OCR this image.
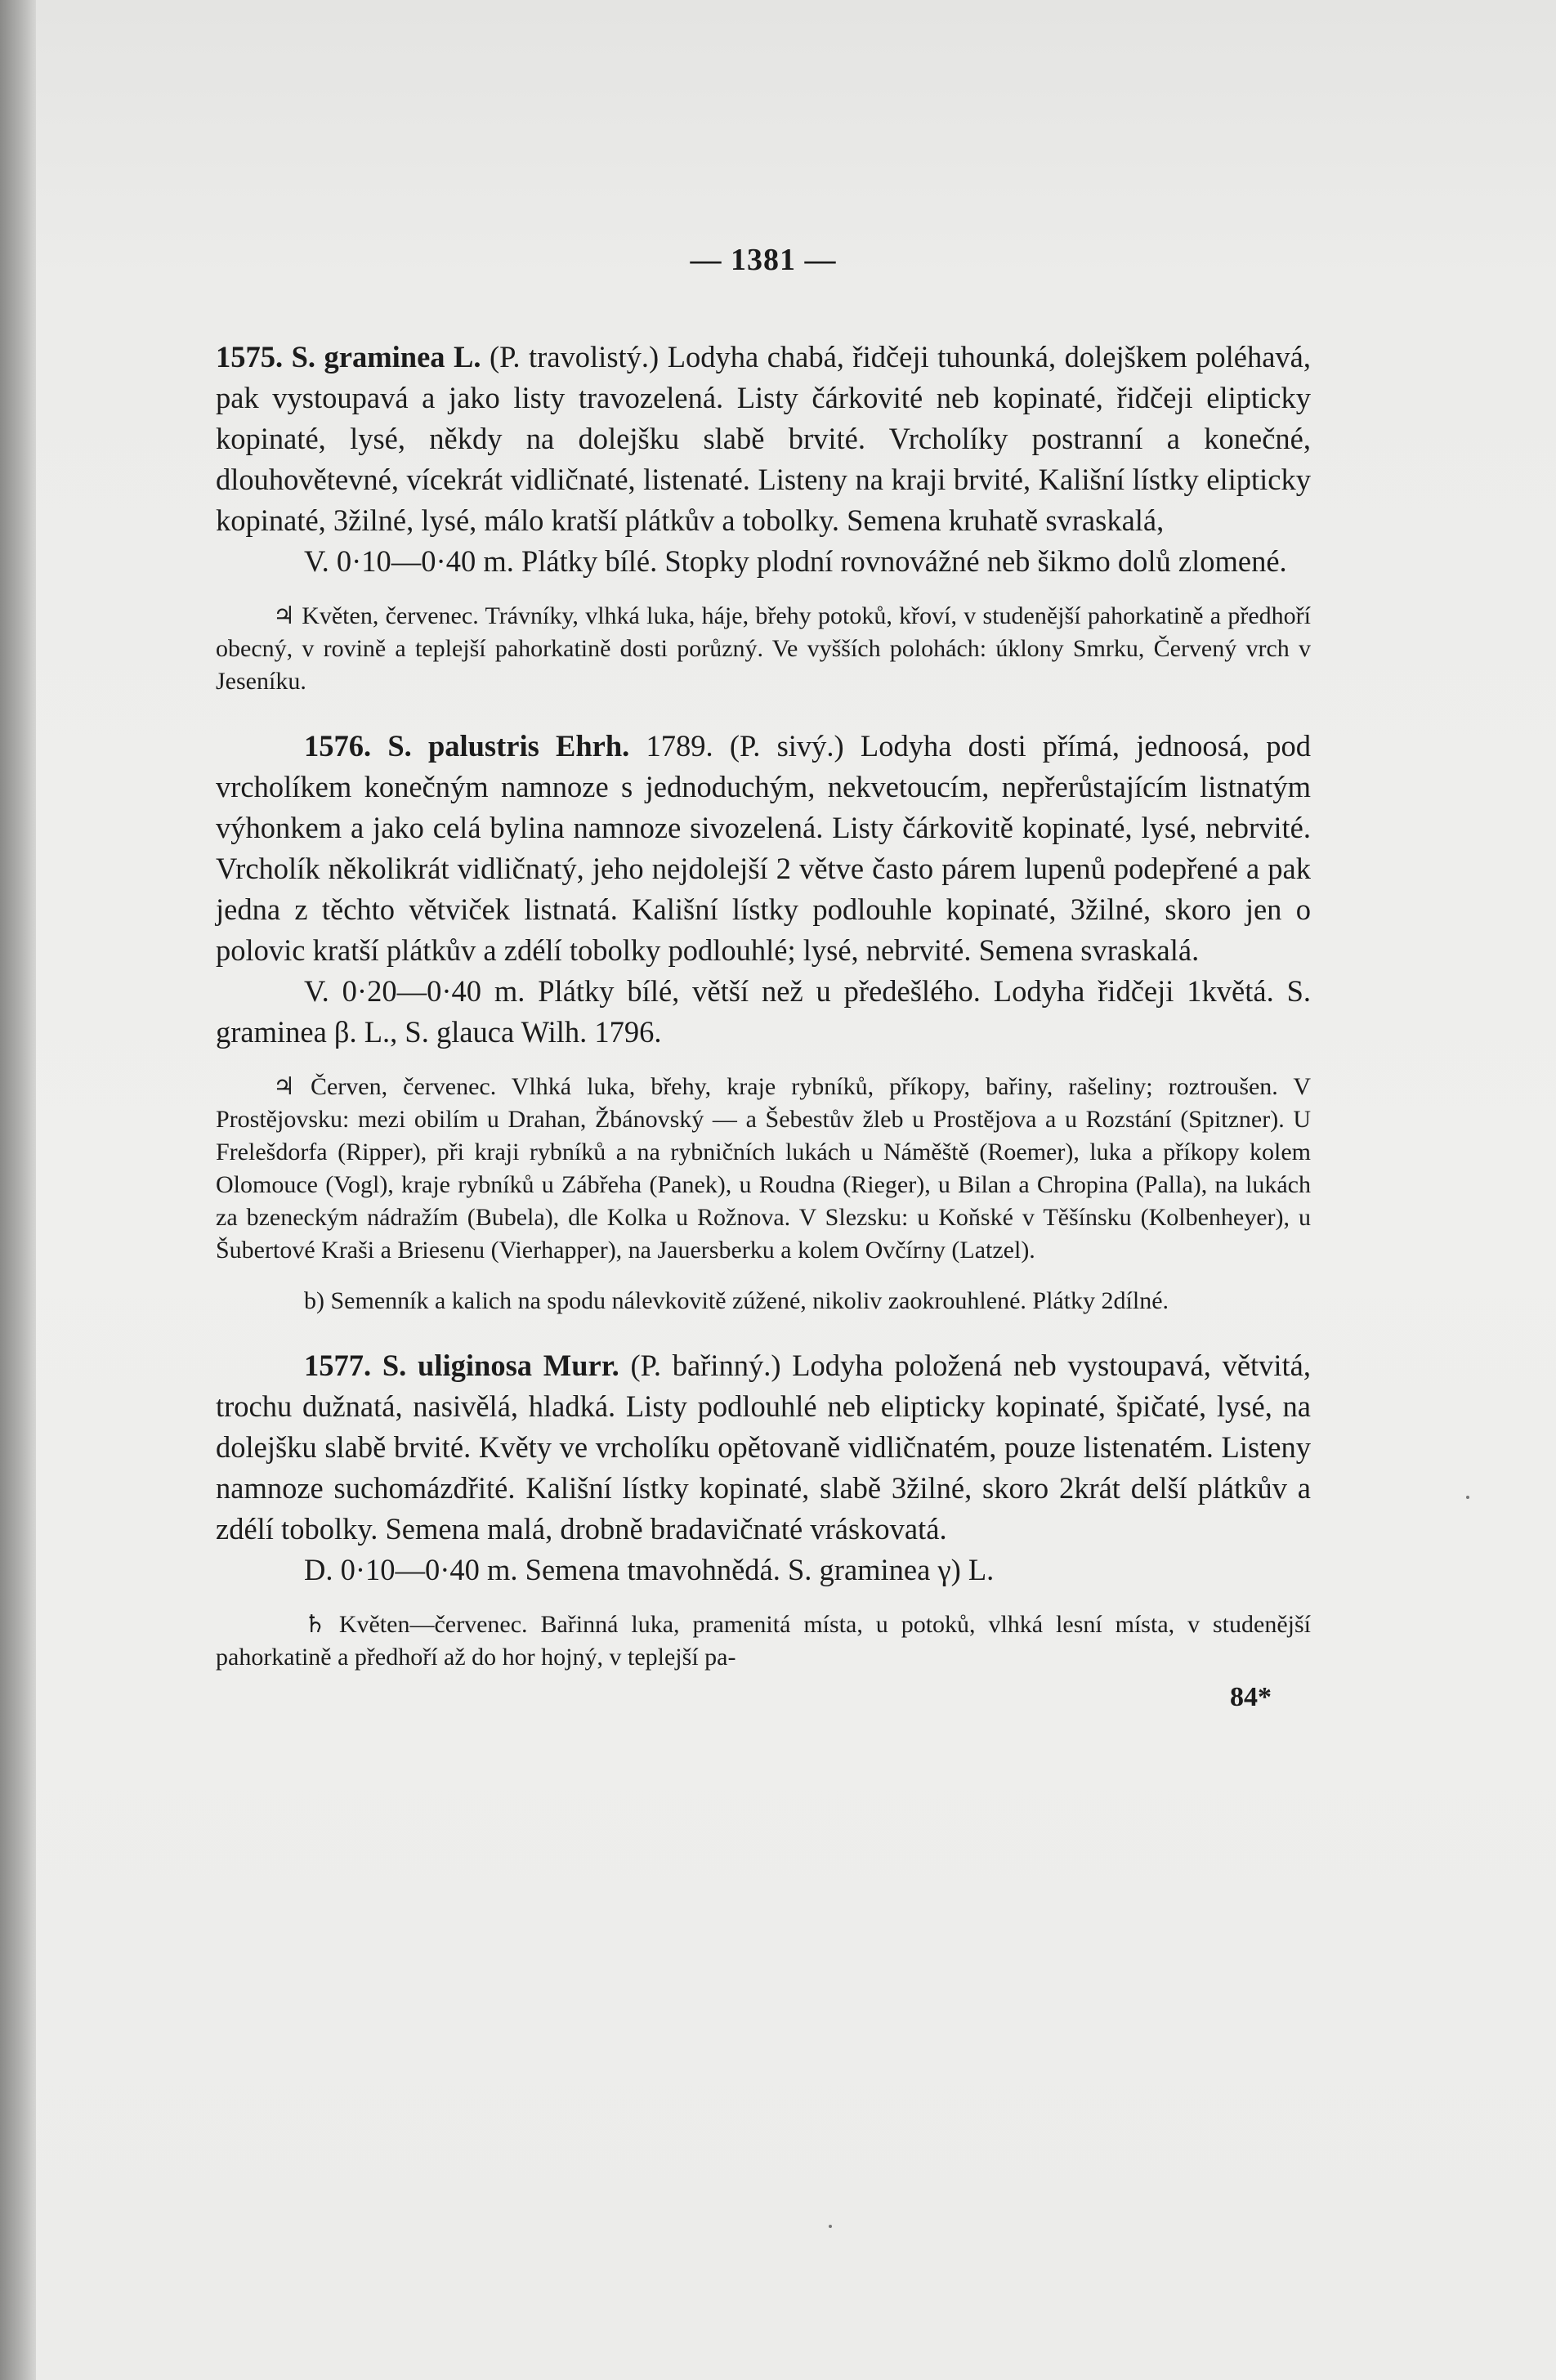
— 1381 —

1575. S. graminea L. (P. travolistý.) Lodyha chabá, řidčeji tuhounká, dolejškem poléhavá, pak vystoupavá a jako listy travozelená. Listy čárkovité neb kopinaté, řidčeji elipticky kopinaté, lysé, někdy na dolejšku slabě brvité. Vrcholíky postranní a konečné, dlouhovětevné, vícekrát vidličnaté, listenaté. Listeny na kraji brvité, Kališní lístky elipticky kopinaté, 3žilné, lysé, málo kratší plátkův a tobolky. Semena kruhatě svraskalá,

V. 0·10—0·40 m. Plátky bílé. Stopky plodní rovnovážné neb šikmo dolů zlomené.

♃ Květen, červenec. Trávníky, vlhká luka, háje, břehy potoků, křoví, v studenější pahorkatině a předhoří obecný, v rovině a teplejší pahorkatině dosti porůzný. Ve vyšších polohách: úklony Smrku, Červený vrch v Jeseníku.

1576. S. palustris Ehrh. 1789. (P. sivý.) Lodyha dosti přímá, jednoosá, pod vrcholíkem konečným namnoze s jednoduchým, nekvetoucím, nepřerůstajícím listnatým výhonkem a jako celá bylina namnoze sivozelená. Listy čárkovitě kopinaté, lysé, nebrvité. Vrcholík několikrát vidličnatý, jeho nejdolejší 2 větve často párem lupenů podepřené a pak jedna z těchto větviček listnatá. Kališní lístky podlouhle kopinaté, 3žilné, skoro jen o polovic kratší plátkův a zdélí tobolky podlouhlé; lysé, nebrvité. Semena svraskalá.

V. 0·20—0·40 m. Plátky bílé, větší než u předešlého. Lodyha řidčeji 1květá. S. graminea β. L., S. glauca Wilh. 1796.

♃ Červen, červenec. Vlhká luka, břehy, kraje rybníků, příkopy, bařiny, rašeliny; roztroušen. V Prostějovsku: mezi obilím u Drahan, Žbánovský — a Šebestův žleb u Prostějova a u Rozstání (Spitzner). U Frelešdorfa (Ripper), při kraji rybníků a na rybničních lukách u Náměště (Roemer), luka a příkopy kolem Olomouce (Vogl), kraje rybníků u Zábřeha (Panek), u Roudna (Rieger), u Bilan a Chropina (Palla), na lukách za bzeneckým nádražím (Bubela), dle Kolka u Rožnova. V Slezsku: u Koňské v Těšínsku (Kolbenheyer), u Šubertové Kraši a Briesenu (Vierhapper), na Jauersberku a kolem Ovčírny (Latzel).

b) Semenník a kalich na spodu nálevkovitě zúžené, nikoliv zaokrouhlené. Plátky 2dílné.

1577. S. uliginosa Murr. (P. bařinný.) Lodyha položená neb vystoupavá, větvitá, trochu dužnatá, nasivělá, hladká. Listy podlouhlé neb elipticky kopinaté, špičaté, lysé, na dolejšku slabě brvité. Květy ve vrcholíku opětovaně vidličnatém, pouze listenatém. Listeny namnoze suchomázdřité. Kališní lístky kopinaté, slabě 3žilné, skoro 2krát delší plátkův a zdélí tobolky. Semena malá, drobně bradavičnaté vráskovatá.

D. 0·10—0·40 m. Semena tmavohnědá. S. graminea γ) L.

♄ Květen—červenec. Bařinná luka, pramenitá místa, u potoků, vlhká lesní místa, v studenější pahorkatině a předhoří až do hor hojný, v teplejší pa-

84*
